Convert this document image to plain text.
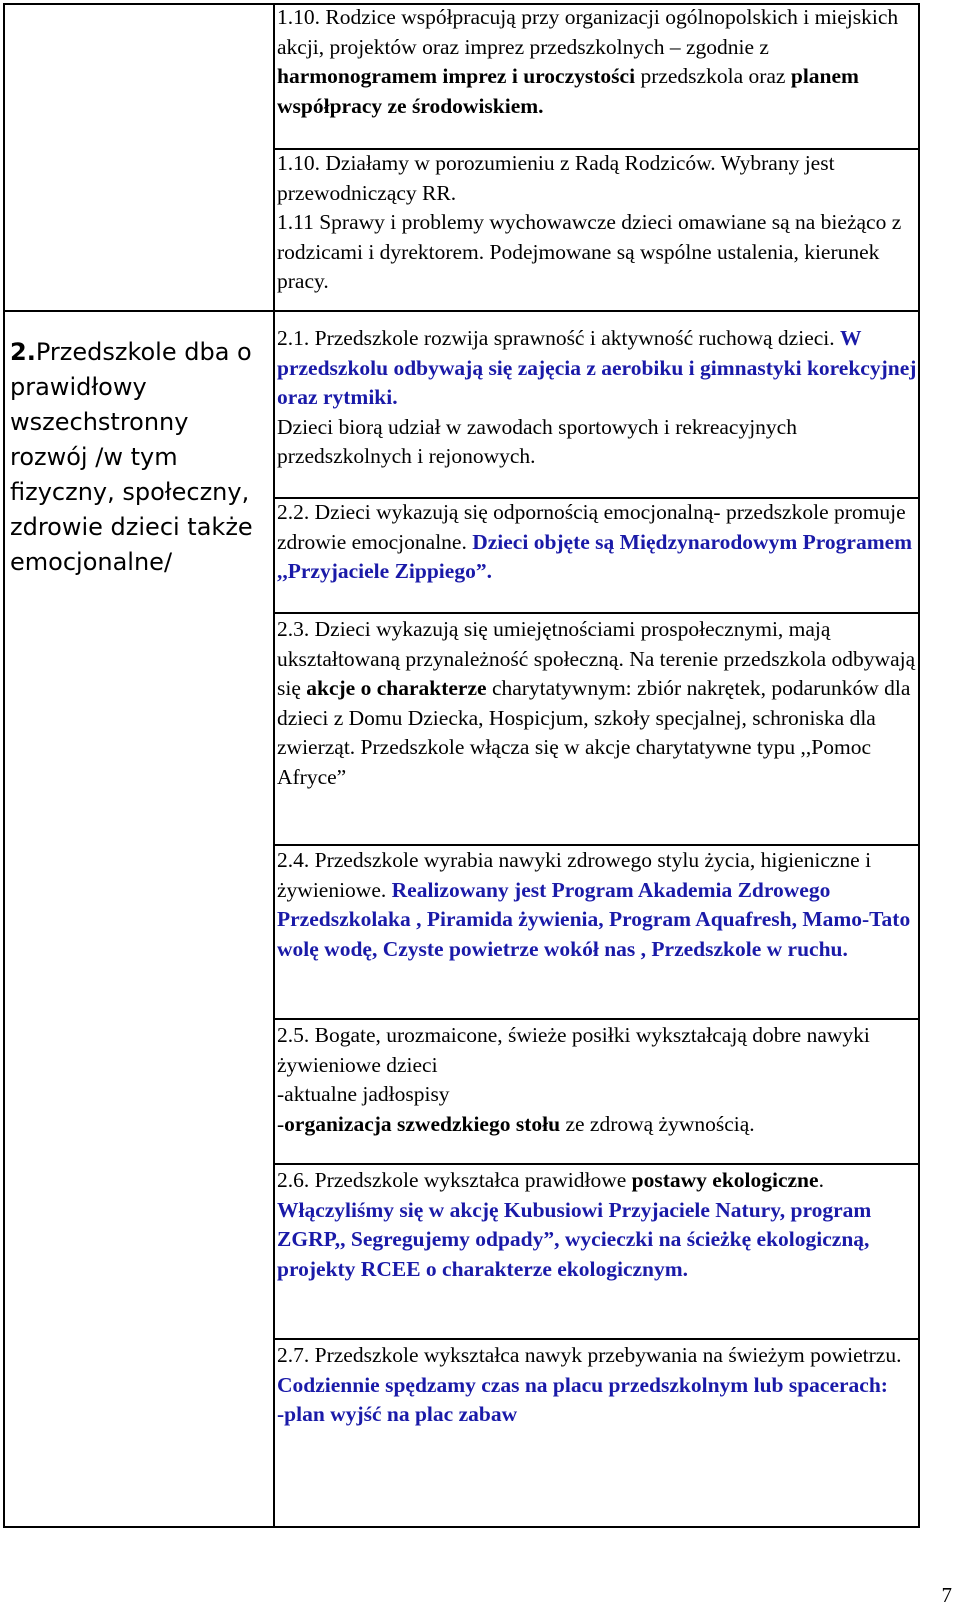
2.Przedszkole dba o prawidłowy wszechstronny rozwój /w tym fizyczny, społeczny, zdrowie dzieci także emocjonalne/

1.10. Rodzice współpracują przy organizacji ogólnopolskich i miejskich akcji, projektów oraz imprez przedszkolnych – zgodnie z harmonogramem imprez i uroczystości przedszkola oraz planem współpracy ze środowiskiem.

1.10. Działamy w porozumieniu z Radą Rodziców. Wybrany jest przewodniczący RR.

1.11 Sprawy i problemy wychowawcze dzieci omawiane są na bieżąco z rodzicami i dyrektorem. Podejmowane są wspólne ustalenia, kierunek pracy.

2.1. Przedszkole rozwija sprawność i aktywność ruchową dzieci. W przedszkolu odbywają się zajęcia z aerobiku i gimnastyki korekcyjnej oraz rytmiki.

Dzieci biorą udział w zawodach sportowych i rekreacyjnych przedszkolnych i rejonowych.

2.2. Dzieci wykazują się odpornością emocjonalną- przedszkole promuje zdrowie emocjonalne. Dzieci objęte są Międzynarodowym Programem ,,Przyjaciele Zippiego”.

2.3. Dzieci wykazują się umiejętnościami prospołecznymi, mają ukształtowaną przynależność społeczną. Na terenie przedszkola odbywają się akcje o charakterze charytatywnym: zbiór nakrętek, podarunków dla dzieci z Domu Dziecka, Hospicjum, szkoły specjalnej, schroniska dla zwierząt. Przedszkole włącza się w akcje charytatywne typu ,,Pomoc Afryce”

2.4. Przedszkole wyrabia nawyki zdrowego stylu życia, higieniczne i żywieniowe. Realizowany jest Program Akademia Zdrowego Przedszkolaka , Piramida żywienia, Program Aquafresh, Mamo-Tato wolę wodę, Czyste powietrze wokół nas , Przedszkole w ruchu.

2.5. Bogate, urozmaicone, świeże posiłki wykształcają dobre nawyki żywieniowe dzieci

-aktualne jadłospisy

-organizacja szwedzkiego stołu ze zdrową żywnością.

2.6. Przedszkole wykształca prawidłowe postawy ekologiczne. Włączyliśmy się w akcję Kubusiowi Przyjaciele Natury, program ZGRP,, Segregujemy odpady”, wycieczki na ścieżkę ekologiczną, projekty RCEE o charakterze ekologicznym.

2.7. Przedszkole wykształca nawyk przebywania na świeżym powietrzu. Codziennie spędzamy czas na placu przedszkolnym lub spacerach:

-plan wyjść na plac zabaw

7
